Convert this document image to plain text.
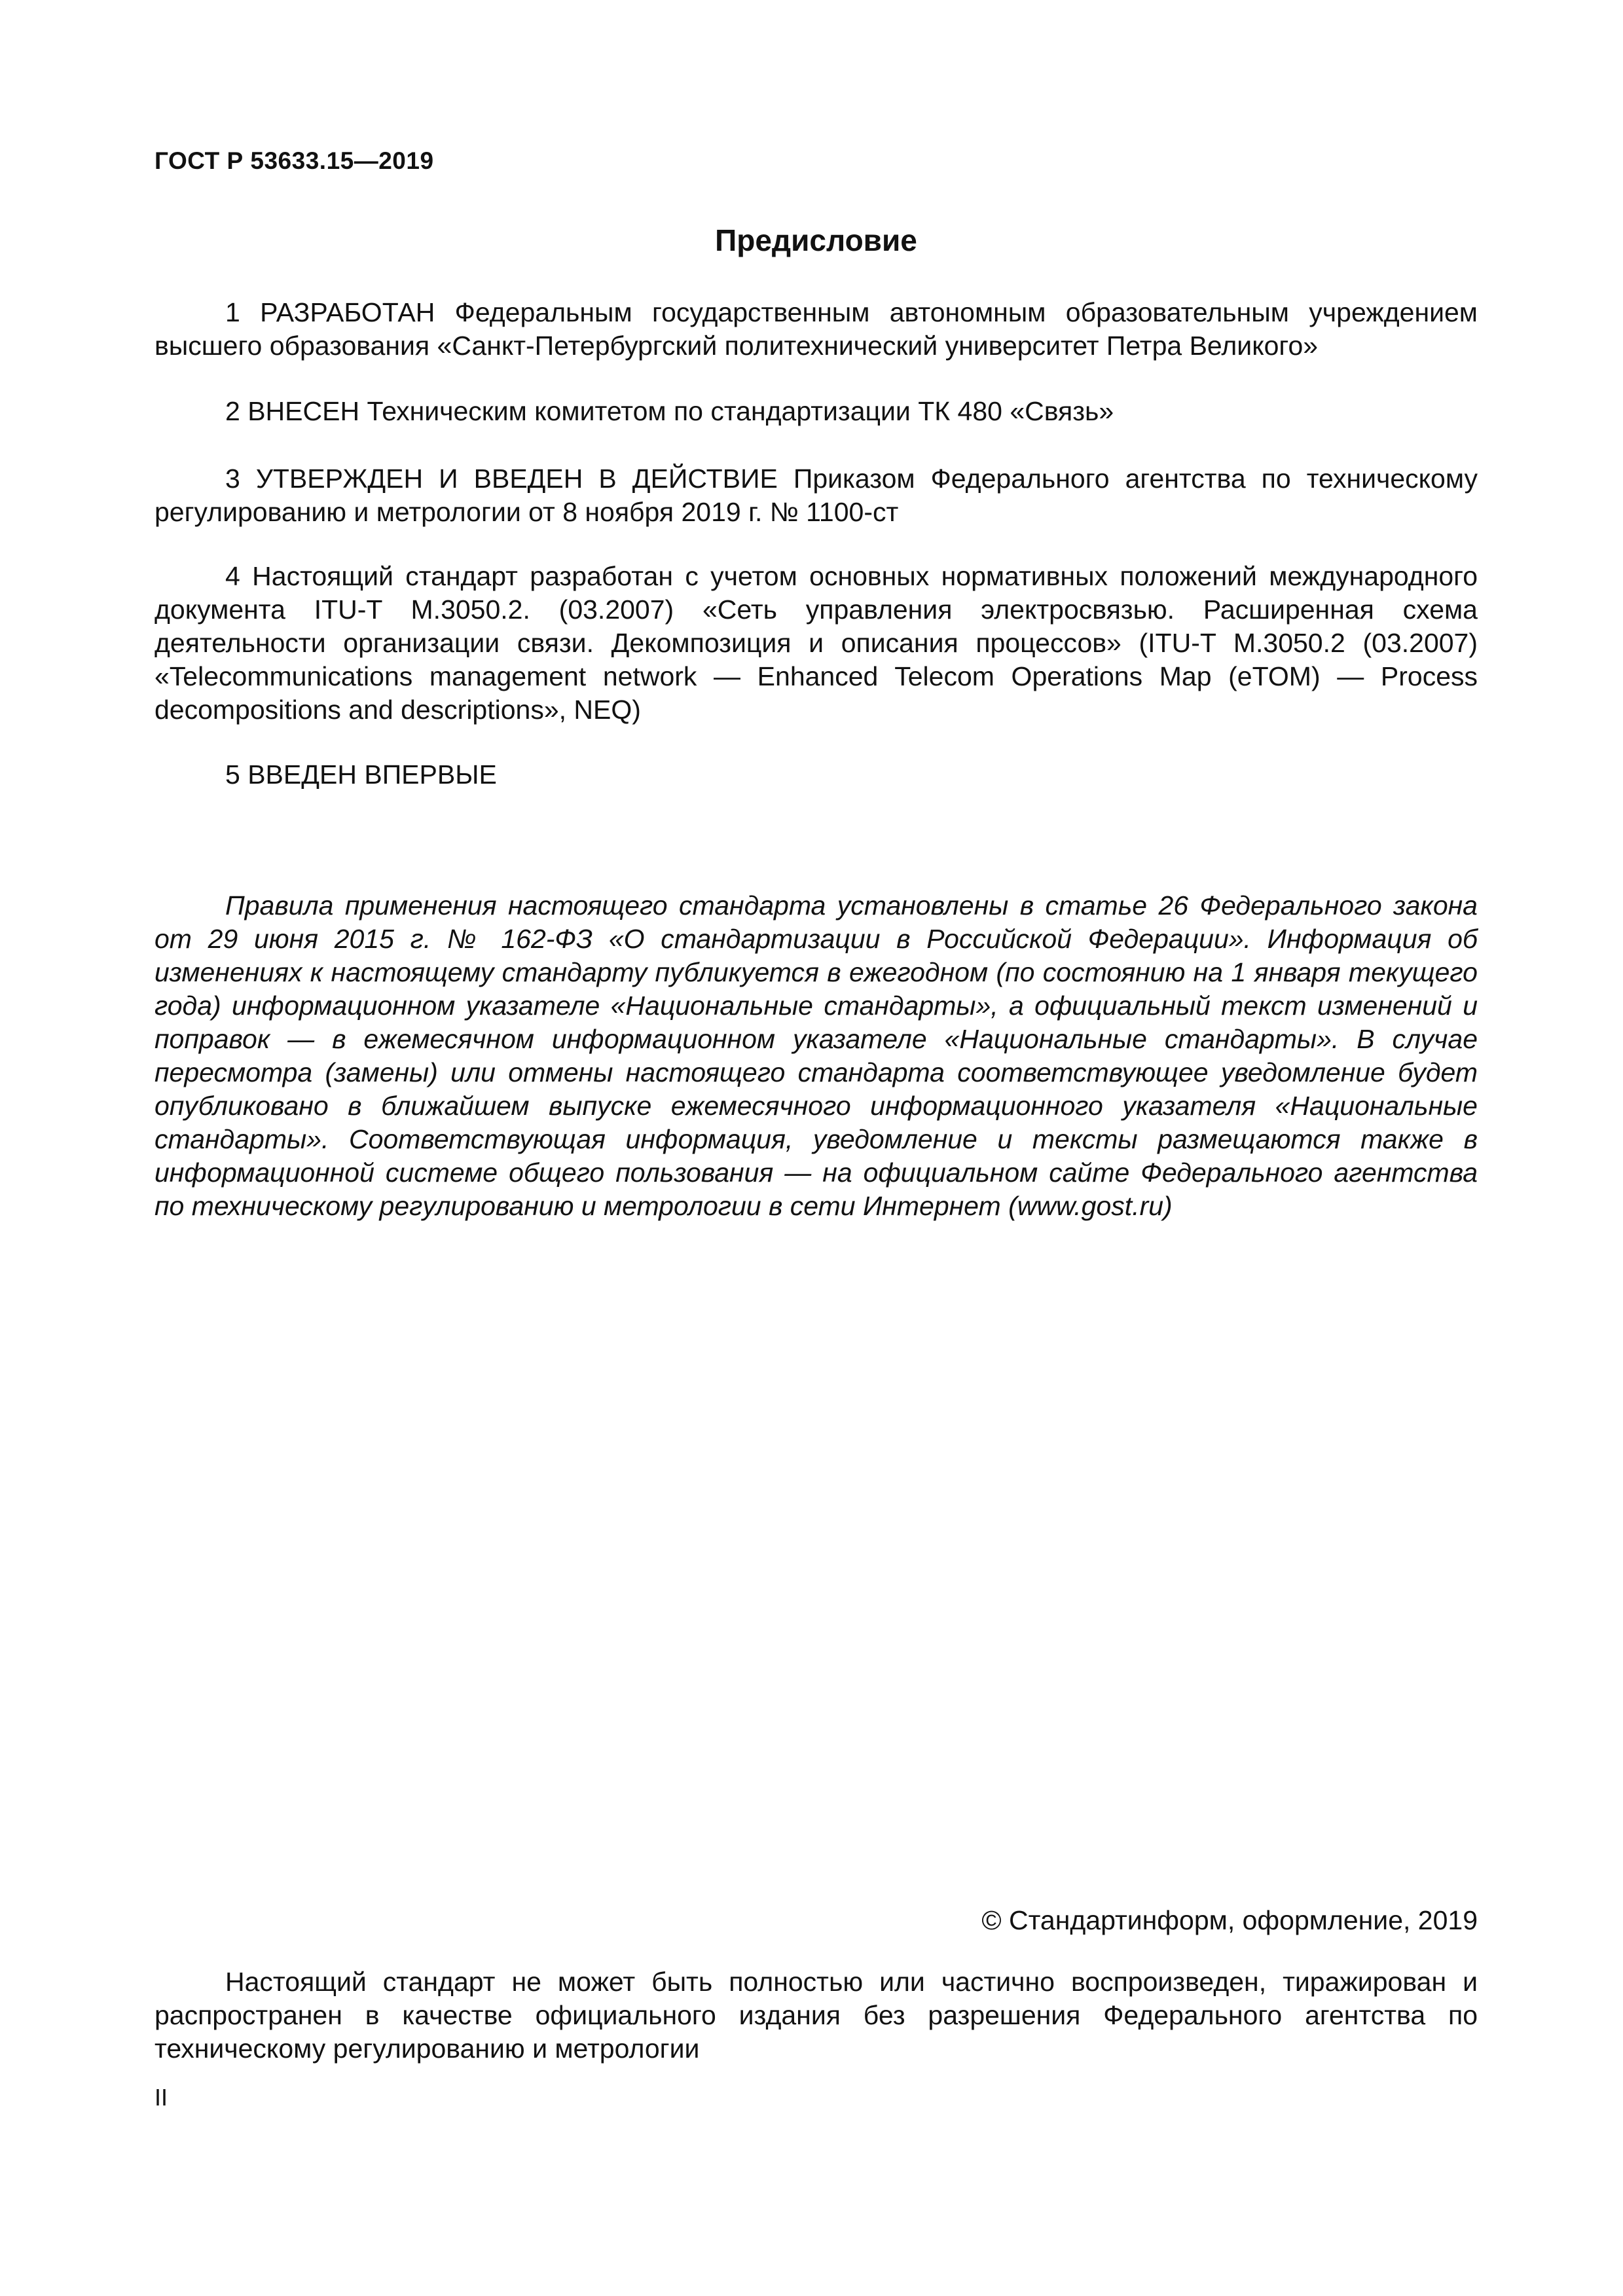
ГОСТ Р 53633.15—2019
Предисловие

1 РАЗРАБОТАН Федеральным государственным автономным образовательным учреждением высшего образования «Санкт-Петербургский политехнический университет Петра Великого»

2 ВНЕСЕН Техническим комитетом по стандартизации ТК 480 «Связь»

3 УТВЕРЖДЕН И ВВЕДЕН В ДЕЙСТВИЕ Приказом Федерального агентства по техническому регулированию и метрологии от 8 ноября 2019 г. № 1100-ст

4 Настоящий стандарт разработан с учетом основных нормативных положений международного документа ITU-T M.3050.2. (03.2007) «Сеть управления электросвязью. Расширенная схема деятельности организации связи. Декомпозиция и описания процессов» (ITU-T M.3050.2 (03.2007) «Telecommunications management network — Enhanced Telecom Operations Map (eTOM) — Process decompositions and descriptions», NEQ)

5 ВВЕДЕН ВПЕРВЫЕ

Правила применения настоящего стандарта установлены в статье 26 Федерального закона от 29 июня 2015 г. № 162-ФЗ «О стандартизации в Российской Федерации». Информация об изменениях к настоящему стандарту публикуется в ежегодном (по состоянию на 1 января текущего года) информационном указателе «Национальные стандарты», а официальный текст изменений и поправок — в ежемесячном информационном указателе «Национальные стандарты». В случае пересмотра (замены) или отмены настоящего стандарта соответствующее уведомление будет опубликовано в ближайшем выпуске ежемесячного информационного указателя «Национальные стандарты». Соответствующая информация, уведомление и тексты размещаются также в информационной системе общего пользования — на официальном сайте Федерального агентства по техническому регулированию и метрологии в сети Интернет (www.gost.ru)

© Стандартинформ, оформление, 2019

Настоящий стандарт не может быть полностью или частично воспроизведен, тиражирован и распространен в качестве официального издания без разрешения Федерального агентства по техническому регулированию и метрологии

II
